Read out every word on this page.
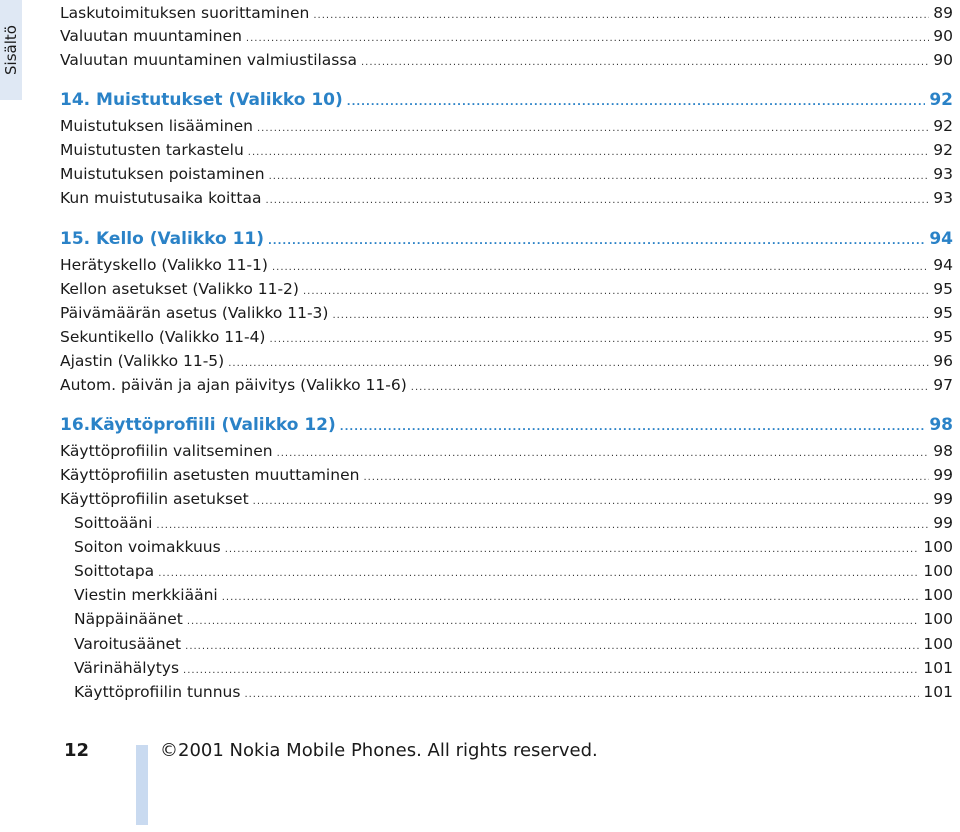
Sisältö
Laskutoimituksen suorittaminen .....	89
Valuutan muuntaminen .....	90
Valuutan muuntaminen valmiustilassa .....	90
14. Muistutukset (Valikko 10) .....	92
Muistutuksen lisääminen .....	92
Muistutusten tarkastelu .....	92
Muistutuksen poistaminen .....	93
Kun muistutusaika koittaa .....	93
15. Kello (Valikko 11) .....	94
Herätyskello (Valikko 11-1) .....	94
Kellon asetukset (Valikko 11-2) .....	95
Päivämäärän asetus (Valikko 11-3) .....	95
Sekuntikello (Valikko 11-4) .....	95
Ajastin (Valikko 11-5) .....	96
Autom. päivän ja ajan päivitys (Valikko 11-6) .....	97
16.Käyttöprofiili (Valikko 12) .....	98
Käyttöprofiilin valitseminen .....	98
Käyttöprofiilin asetusten muuttaminen .....	99
Käyttöprofiilin asetukset .....	99
Soittoääni .....	99
Soiton voimakkuus .....	100
Soittotapa .....	100
Viestin merkkiääni .....	100
Näppäinäänet .....	100
Varoitusäänet .....	100
Värinähälytys .....	101
Käyttöprofiilin tunnus .....	101
12	©2001 Nokia Mobile Phones. All rights reserved.
